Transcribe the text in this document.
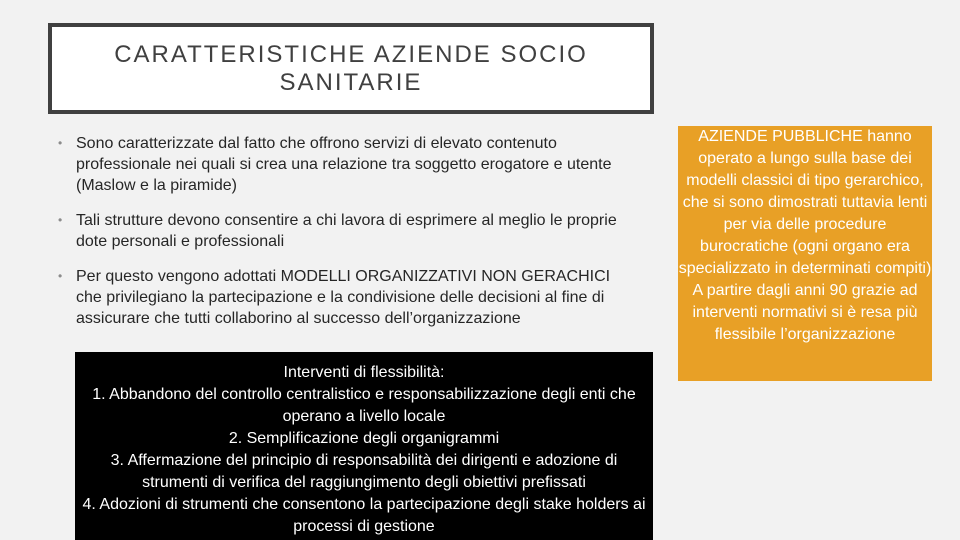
CARATTERISTICHE AZIENDE SOCIO SANITARIE
• Sono caratterizzate dal fatto che offrono servizi di elevato contenuto professionale nei quali si crea una relazione tra soggetto erogatore e utente (Maslow e la piramide)
• Tali strutture devono consentire a chi lavora di esprimere al meglio le proprie dote personali e professionali
• Per questo vengono adottati MODELLI ORGANIZZATIVI NON GERACHICI che privilegiano la partecipazione e la condivisione delle decisioni al fine di assicurare che tutti collaborino al successo dell’organizzazione
Interventi di flessibilità:
1. Abbandono del controllo centralistico e responsabilizzazione degli enti che operano a livello locale
2. Semplificazione degli organigrammi
3. Affermazione del principio di responsabilità dei dirigenti e adozione di strumenti di verifica del raggiungimento degli obiettivi prefissati
4. Adozioni di strumenti che consentono la partecipazione degli stake holders ai processi di gestione

AZIENDE PUBBLICHE hanno operato a lungo sulla base dei modelli classici di tipo gerarchico, che si sono dimostrati tuttavia lenti per via delle procedure burocratiche (ogni organo era specializzato in determinati compiti)

A partire dagli anni 90 grazie ad interventi normativi si è resa più flessibile l’organizzazione
